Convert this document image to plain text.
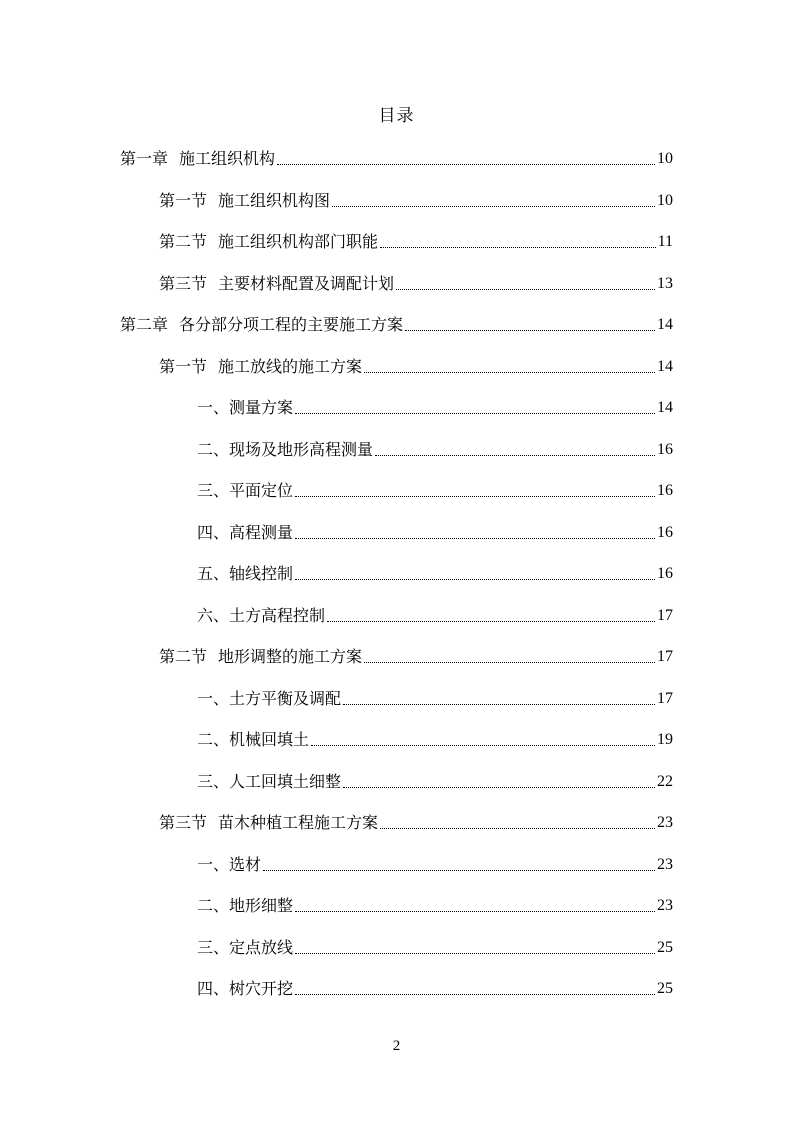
目录
第一章 施工组织机构	10
第一节 施工组织机构图	10
第二节 施工组织机构部门职能	11
第三节 主要材料配置及调配计划	13
第二章 各分部分项工程的主要施工方案	14
第一节 施工放线的施工方案	14
一、测量方案	14
二、现场及地形高程测量	16
三、平面定位	16
四、高程测量	16
五、轴线控制	16
六、土方高程控制	17
第二节 地形调整的施工方案	17
一、土方平衡及调配	17
二、机械回填土	19
三、人工回填土细整	22
第三节 苗木种植工程施工方案	23
一、选材	23
二、地形细整	23
三、定点放线	25
四、树穴开挖	25
2
